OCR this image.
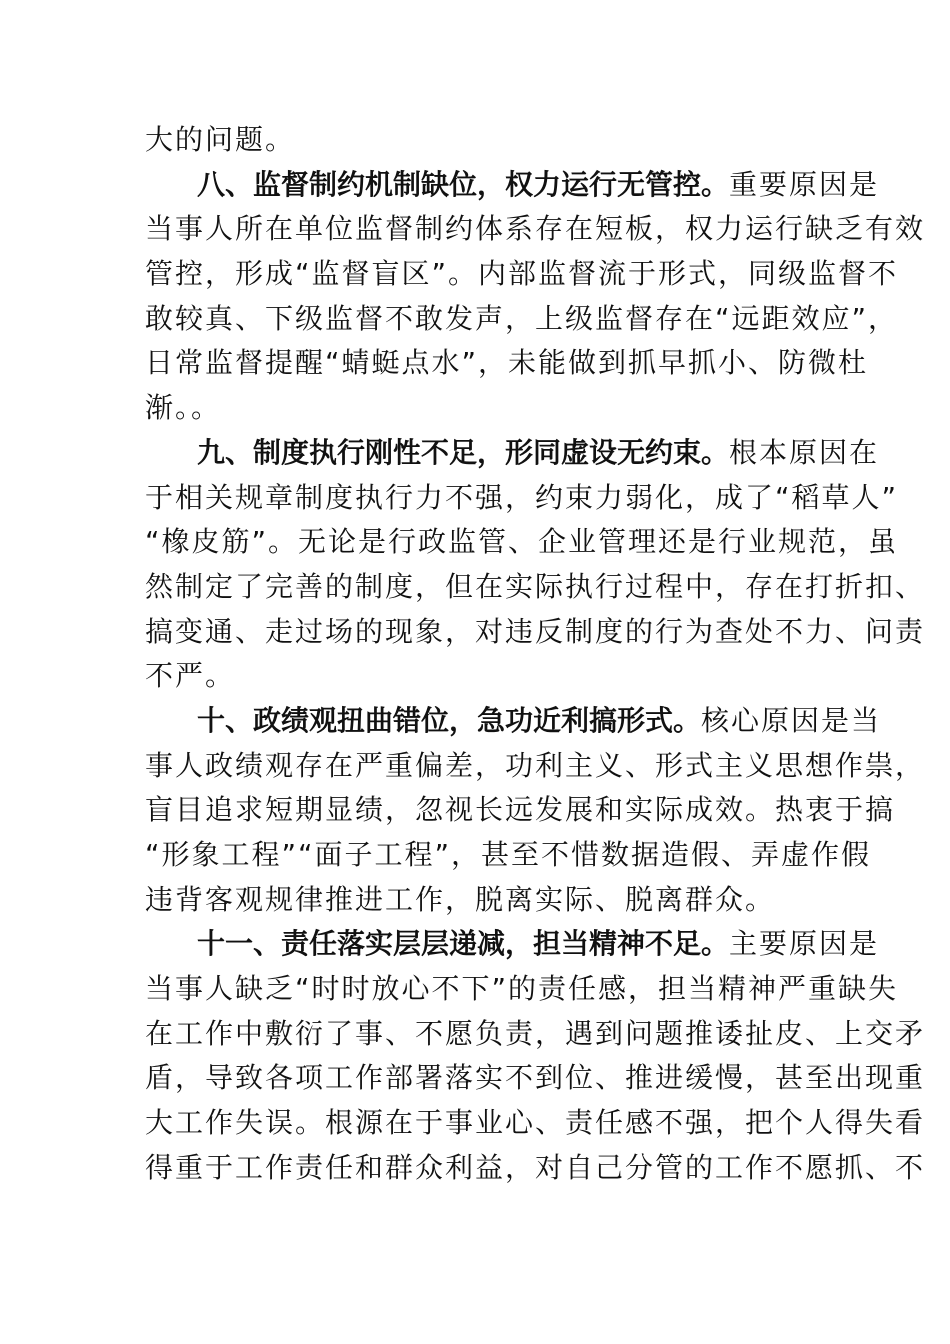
大的问题。
八、监督制约机制缺位，权力运行无管控。重要原因是
当事人所在单位监督制约体系存在短板，权力运行缺乏有效
管控，形成“监督盲区”。内部监督流于形式，同级监督不
敢较真、下级监督不敢发声，上级监督存在“远距效应”，
日常监督提醒“蜻蜓点水”，未能做到抓早抓小、防微杜
渐。。
九、制度执行刚性不足，形同虚设无约束。根本原因在
于相关规章制度执行力不强，约束力弱化，成了“稻草人”
“橡皮筋”。无论是行政监管、企业管理还是行业规范，虽
然制定了完善的制度，但在实际执行过程中，存在打折扣、
搞变通、走过场的现象，对违反制度的行为查处不力、问责
不严。
十、政绩观扭曲错位，急功近利搞形式。核心原因是当
事人政绩观存在严重偏差，功利主义、形式主义思想作祟，
盲目追求短期显绩，忽视长远发展和实际成效。热衷于搞
“形象工程”“面子工程”，甚至不惜数据造假、弄虚作假
违背客观规律推进工作，脱离实际、脱离群众。
十一、责任落实层层递减，担当精神不足。主要原因是
当事人缺乏“时时放心不下”的责任感，担当精神严重缺失
在工作中敷衍了事、不愿负责，遇到问题推诿扯皮、上交矛
盾，导致各项工作部署落实不到位、推进缓慢，甚至出现重
大工作失误。根源在于事业心、责任感不强，把个人得失看
得重于工作责任和群众利益，对自己分管的工作不愿抓、不
